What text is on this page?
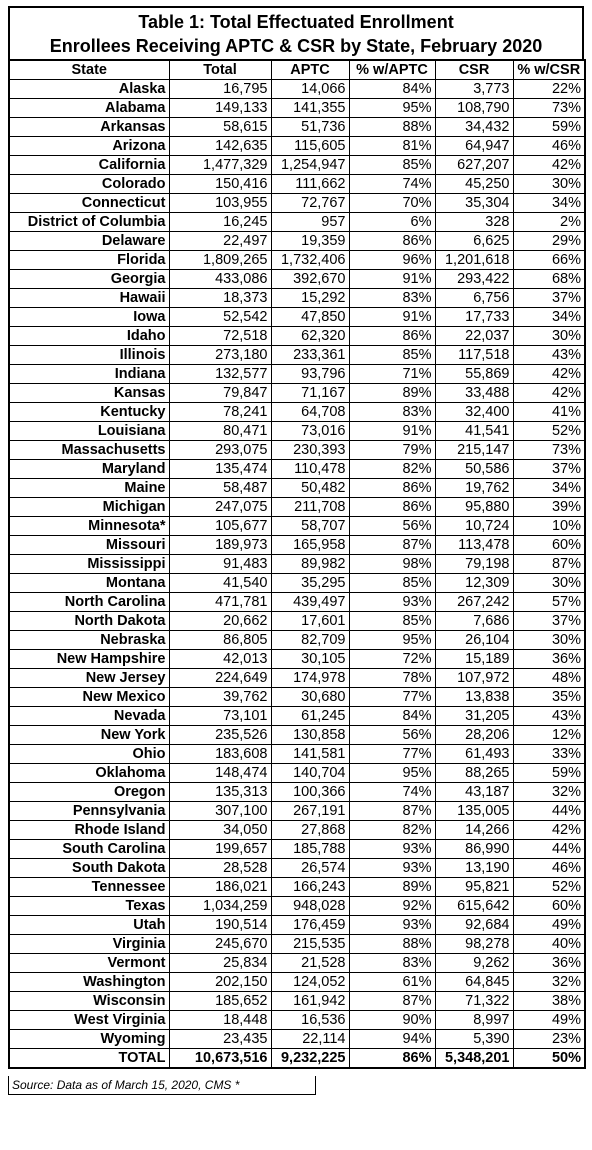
Table 1: Total Effectuated Enrollment
Enrollees Receiving APTC & CSR by State, February 2020
State	Total	APTC	% w/APTC	CSR	% w/CSR
Alaska	16,795	14,066	84%	3,773	22%
Alabama	149,133	141,355	95%	108,790	73%
Arkansas	58,615	51,736	88%	34,432	59%
Arizona	142,635	115,605	81%	64,947	46%
California	1,477,329	1,254,947	85%	627,207	42%
Colorado	150,416	111,662	74%	45,250	30%
Connecticut	103,955	72,767	70%	35,304	34%
District of Columbia	16,245	957	6%	328	2%
Delaware	22,497	19,359	86%	6,625	29%
Florida	1,809,265	1,732,406	96%	1,201,618	66%
Georgia	433,086	392,670	91%	293,422	68%
Hawaii	18,373	15,292	83%	6,756	37%
Iowa	52,542	47,850	91%	17,733	34%
Idaho	72,518	62,320	86%	22,037	30%
Illinois	273,180	233,361	85%	117,518	43%
Indiana	132,577	93,796	71%	55,869	42%
Kansas	79,847	71,167	89%	33,488	42%
Kentucky	78,241	64,708	83%	32,400	41%
Louisiana	80,471	73,016	91%	41,541	52%
Massachusetts	293,075	230,393	79%	215,147	73%
Maryland	135,474	110,478	82%	50,586	37%
Maine	58,487	50,482	86%	19,762	34%
Michigan	247,075	211,708	86%	95,880	39%
Minnesota*	105,677	58,707	56%	10,724	10%
Missouri	189,973	165,958	87%	113,478	60%
Mississippi	91,483	89,982	98%	79,198	87%
Montana	41,540	35,295	85%	12,309	30%
North Carolina	471,781	439,497	93%	267,242	57%
North Dakota	20,662	17,601	85%	7,686	37%
Nebraska	86,805	82,709	95%	26,104	30%
New Hampshire	42,013	30,105	72%	15,189	36%
New Jersey	224,649	174,978	78%	107,972	48%
New Mexico	39,762	30,680	77%	13,838	35%
Nevada	73,101	61,245	84%	31,205	43%
New York	235,526	130,858	56%	28,206	12%
Ohio	183,608	141,581	77%	61,493	33%
Oklahoma	148,474	140,704	95%	88,265	59%
Oregon	135,313	100,366	74%	43,187	32%
Pennsylvania	307,100	267,191	87%	135,005	44%
Rhode Island	34,050	27,868	82%	14,266	42%
South Carolina	199,657	185,788	93%	86,990	44%
South Dakota	28,528	26,574	93%	13,190	46%
Tennessee	186,021	166,243	89%	95,821	52%
Texas	1,034,259	948,028	92%	615,642	60%
Utah	190,514	176,459	93%	92,684	49%
Virginia	245,670	215,535	88%	98,278	40%
Vermont	25,834	21,528	83%	9,262	36%
Washington	202,150	124,052	61%	64,845	32%
Wisconsin	185,652	161,942	87%	71,322	38%
West Virginia	18,448	16,536	90%	8,997	49%
Wyoming	23,435	22,114	94%	5,390	23%
TOTAL	10,673,516	9,232,225	86%	5,348,201	50%
Source: Data as of March 15, 2020, CMS *
